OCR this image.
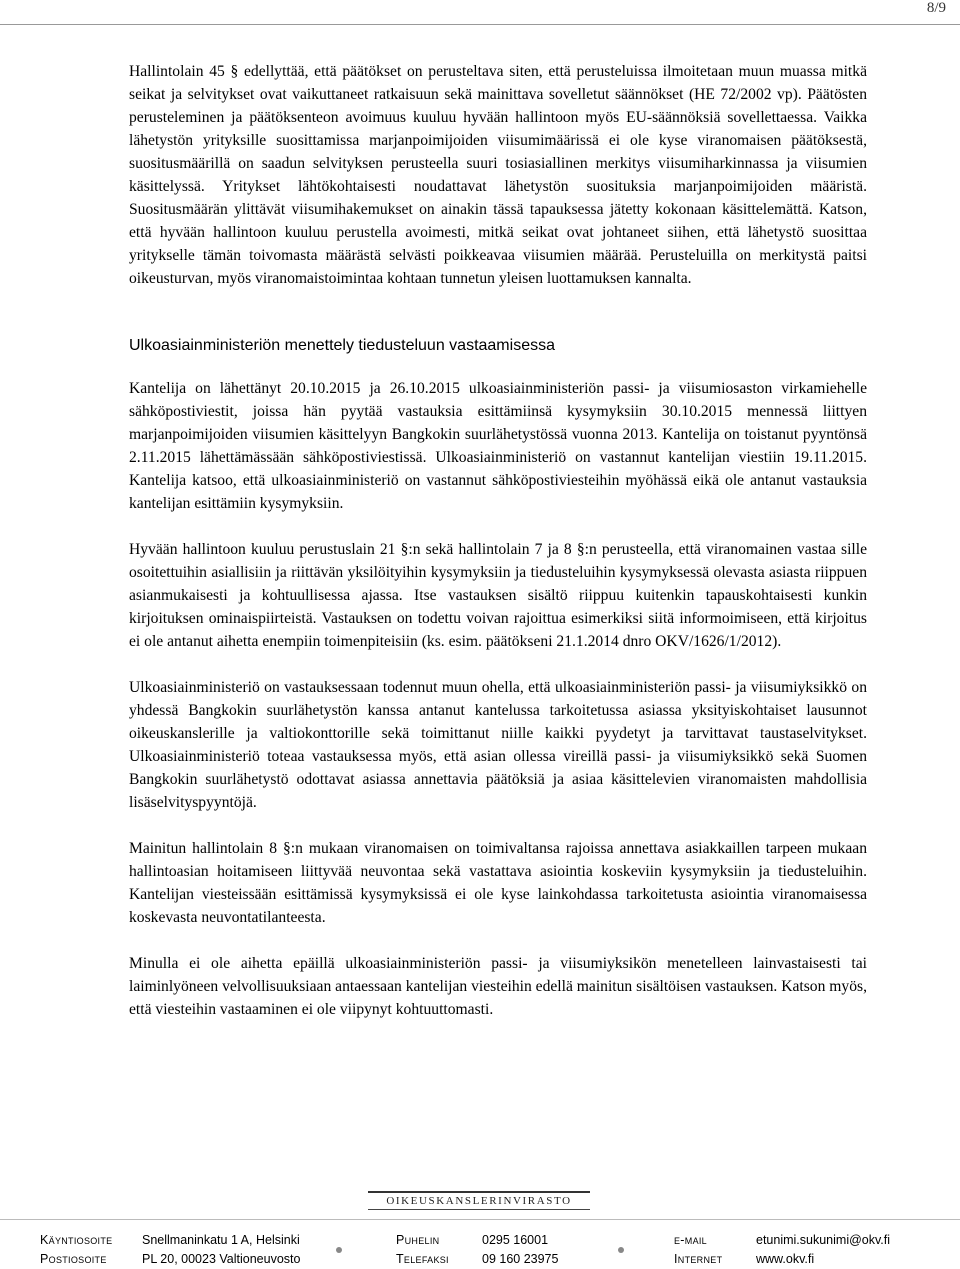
8/9

Hallintolain 45 § edellyttää, että päätökset on perusteltava siten, että perusteluissa ilmoitetaan muun muassa mitkä seikat ja selvitykset ovat vaikuttaneet ratkaisuun sekä mainittava sovelletut säännökset (HE 72/2002 vp). Päätösten perusteleminen ja päätöksenteon avoimuus kuuluu hyvään hallintoon myös EU-säännöksiä sovellettaessa. Vaikka lähetystön yrityksille suosittamissa marjanpoimijoiden viisumimäärissä ei ole kyse viranomaisen päätöksestä, suositusmäärillä on saadun selvityksen perusteella suuri tosiasiallinen merkitys viisumiharkinnassa ja viisumien käsittelyssä. Yritykset lähtökohtaisesti noudattavat lähetystön suosituksia marjanpoimijoiden määristä. Suositusmäärän ylittävät viisumihakemukset on ainakin tässä tapauksessa jätetty kokonaan käsittelemättä. Katson, että hyvään hallintoon kuuluu perustella avoimesti, mitkä seikat ovat johtaneet siihen, että lähetystö suosittaa yritykselle tämän toivomasta määrästä selvästi poikkeavaa viisumien määrää. Perusteluilla on merkitystä paitsi oikeusturvan, myös viranomaistoimintaa kohtaan tunnetun yleisen luottamuksen kannalta.

Ulkoasiainministeriön menettely tiedusteluun vastaamisessa

Kantelija on lähettänyt 20.10.2015 ja 26.10.2015 ulkoasiainministeriön passi- ja viisumiosaston virkamiehelle sähköpostiviestit, joissa hän pyytää vastauksia esittämiinsä kysymyksiin 30.10.2015 mennessä liittyen marjanpoimijoiden viisumien käsittelyyn Bangkokin suurlähetystössä vuonna 2013. Kantelija on toistanut pyyntönsä 2.11.2015 lähettämässään sähköpostiviestissä. Ulkoasiainministeriö on vastannut kantelijan viestiin 19.11.2015. Kantelija katsoo, että ulkoasiainministeriö on vastannut sähköpostiviesteihin myöhässä eikä ole antanut vastauksia kantelijan esittämiin kysymyksiin.

Hyvään hallintoon kuuluu perustuslain 21 §:n sekä hallintolain 7 ja 8 §:n perusteella, että viranomainen vastaa sille osoitettuihin asiallisiin ja riittävän yksilöityihin kysymyksiin ja tiedusteluihin kysymyksessä olevasta asiasta riippuen asianmukaisesti ja kohtuullisessa ajassa. Itse vastauksen sisältö riippuu kuitenkin tapauskohtaisesti kunkin kirjoituksen ominaispiirteistä. Vastauksen on todettu voivan rajoittua esimerkiksi siitä informoimiseen, että kirjoitus ei ole antanut aihetta enempiin toimenpiteisiin (ks. esim. päätökseni 21.1.2014 dnro OKV/1626/1/2012).

Ulkoasiainministeriö on vastauksessaan todennut muun ohella, että ulkoasiainministeriön passi- ja viisumiyksikkö on yhdessä Bangkokin suurlähetystön kanssa antanut kantelussa tarkoitetussa asiassa yksityiskohtaiset lausunnot oikeuskanslerille ja valtiokonttorille sekä toimittanut niille kaikki pyydetyt ja tarvittavat taustaselvitykset. Ulkoasiainministeriö toteaa vastauksessa myös, että asian ollessa vireillä passi- ja viisumiyksikkö sekä Suomen Bangkokin suurlähetystö odottavat asiassa annettavia päätöksiä ja asiaa käsittelevien viranomaisten mahdollisia lisäselvityspyyntöjä.

Mainitun hallintolain 8 §:n mukaan viranomaisen on toimivaltansa rajoissa annettava asiakkaillen tarpeen mukaan hallintoasian hoitamiseen liittyvää neuvontaa sekä vastattava asiointia koskeviin kysymyksiin ja tiedusteluihin. Kantelijan viesteissään esittämissä kysymyksissä ei ole kyse lainkohdassa tarkoitetusta asiointia viranomaisessa koskevasta neuvontatilanteesta.

Minulla ei ole aihetta epäillä ulkoasiainministeriön passi- ja viisumiyksikön menetelleen lainvastaisesti tai laiminlyöneen velvollisuuksiaan antaessaan kantelijan viesteihin edellä mainitun sisältöisen vastauksen. Katson myös, että viesteihin vastaaminen ei ole viipynyt kohtuuttomasti.

OIKEUSKANSLERINVIRASTO
Käyntiosoite Snellmaninkatu 1 A, Helsinki	Puhelin	0295 16001	e-mail	etunimi.sukunimi@okv.fi
Postiosoite	PL 20, 00023 Valtioneuvosto	Telefaksi	09 160 23975	Internet	www.okv.fi
